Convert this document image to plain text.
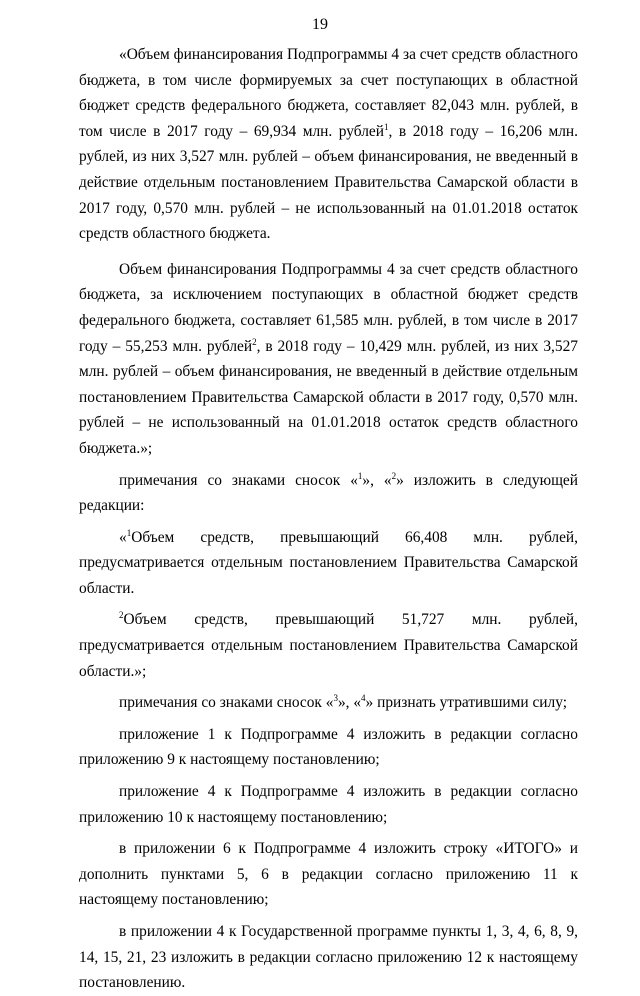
19

«Объем финансирования Подпрограммы 4 за счет средств областного бюджета, в том числе формируемых за счет поступающих в областной бюджет средств федерального бюджета, составляет 82,043 млн. рублей, в том числе в 2017 году – 69,934 млн. рублей$^1$, в 2018 году – 16,206 млн. рублей, из них 3,527 млн. рублей – объем финансирования, не введенный в действие отдельным постановлением Правительства Самарской области в 2017 году, 0,570 млн. рублей – не использованный на 01.01.2018 остаток средств областного бюджета.

Объем финансирования Подпрограммы 4 за счет средств областного бюджета, за исключением поступающих в областной бюджет средств федерального бюджета, составляет 61,585 млн. рублей, в том числе в 2017 году – 55,253 млн. рублей$^2$, в 2018 году – 10,429 млн. рублей, из них 3,527 млн. рублей – объем финансирования, не введенный в действие отдельным постановлением Правительства Самарской области в 2017 году, 0,570 млн. рублей – не использованный на 01.01.2018 остаток средств областного бюджета.»;

примечания со знаками сносок «$^1$», «$^2$» изложить в следующей редакции:

«$^1$Объем средств, превышающий 66,408 млн. рублей, предусматривается отдельным постановлением Правительства Самарской области.

$^2$Объем средств, превышающий 51,727 млн. рублей, предусматривается отдельным постановлением Правительства Самарской области.»;

примечания со знаками сносок «$^3$», «$^4$» признать утратившими силу;

приложение 1 к Подпрограмме 4 изложить в редакции согласно приложению 9 к настоящему постановлению;

приложение 4 к Подпрограмме 4 изложить в редакции согласно приложению 10 к настоящему постановлению;

в приложении 6 к Подпрограмме 4 изложить строку «ИТОГО» и дополнить пунктами 5, 6 в редакции согласно приложению 11 к настоящему постановлению;

в приложении 4 к Государственной программе пункты 1, 3, 4, 6, 8, 9, 14, 15, 21, 23 изложить в редакции согласно приложению 12 к настоящему постановлению.
